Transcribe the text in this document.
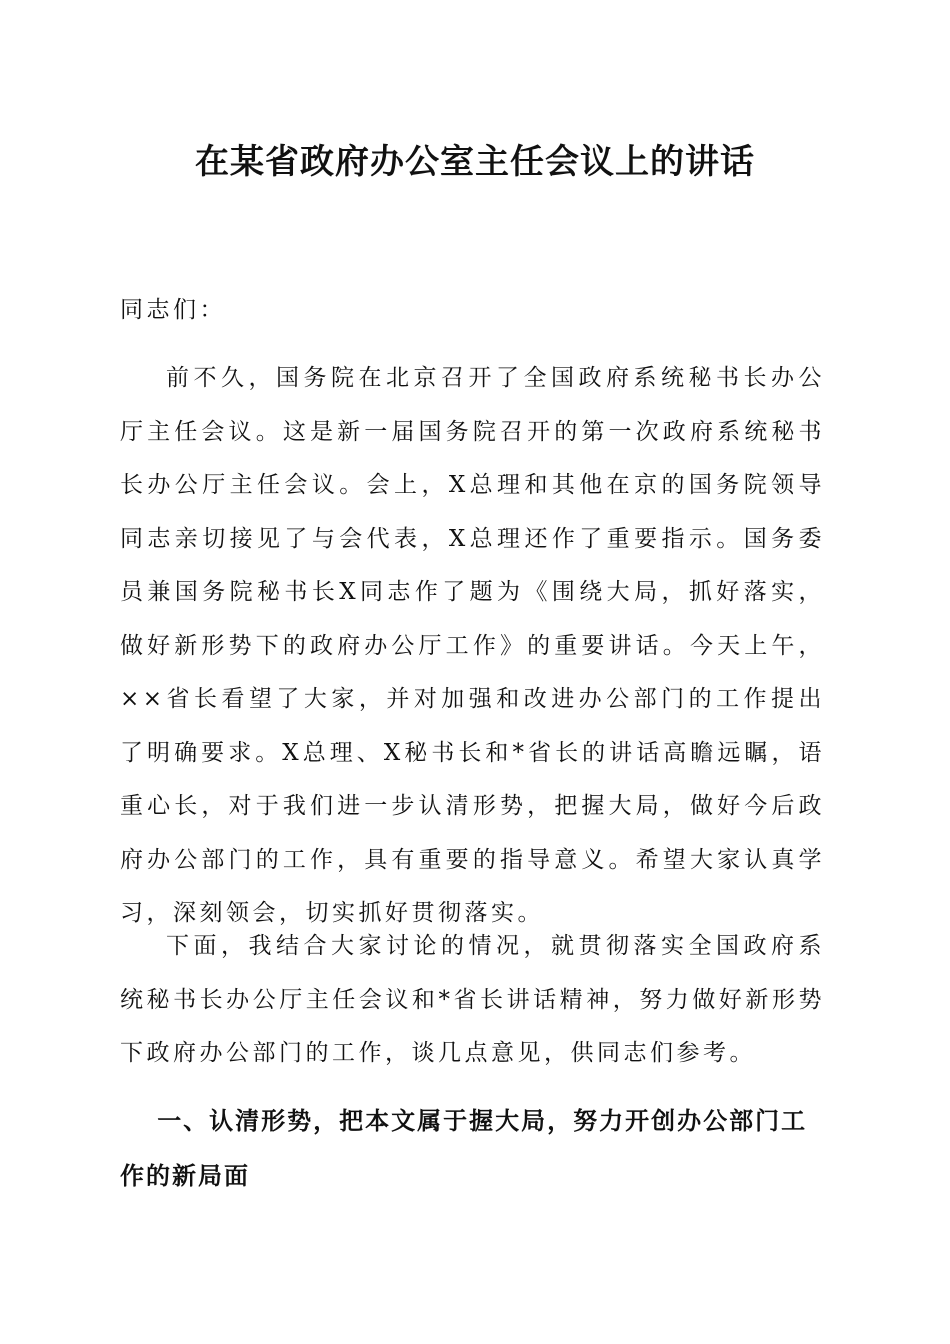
在某省政府办公室主任会议上的讲话

同志们：

前不久，国务院在北京召开了全国政府系统秘书长办公厅主任会议。这是新一届国务院召开的第一次政府系统秘书长办公厅主任会议。会上，X总理和其他在京的国务院领导同志亲切接见了与会代表，X总理还作了重要指示。国务委员兼国务院秘书长X同志作了题为《围绕大局，抓好落实，做好新形势下的政府办公厅工作》的重要讲话。今天上午，××省长看望了大家，并对加强和改进办公部门的工作提出了明确要求。X总理、X秘书长和*省长的讲话高瞻远瞩，语重心长，对于我们进一步认清形势，把握大局，做好今后政府办公部门的工作，具有重要的指导意义。希望大家认真学习，深刻领会，切实抓好贯彻落实。

下面，我结合大家讨论的情况，就贯彻落实全国政府系统秘书长办公厅主任会议和*省长讲话精神，努力做好新形势下政府办公部门的工作，谈几点意见，供同志们参考。

一、认清形势，把本文属于握大局，努力开创办公部门工作的新局面
